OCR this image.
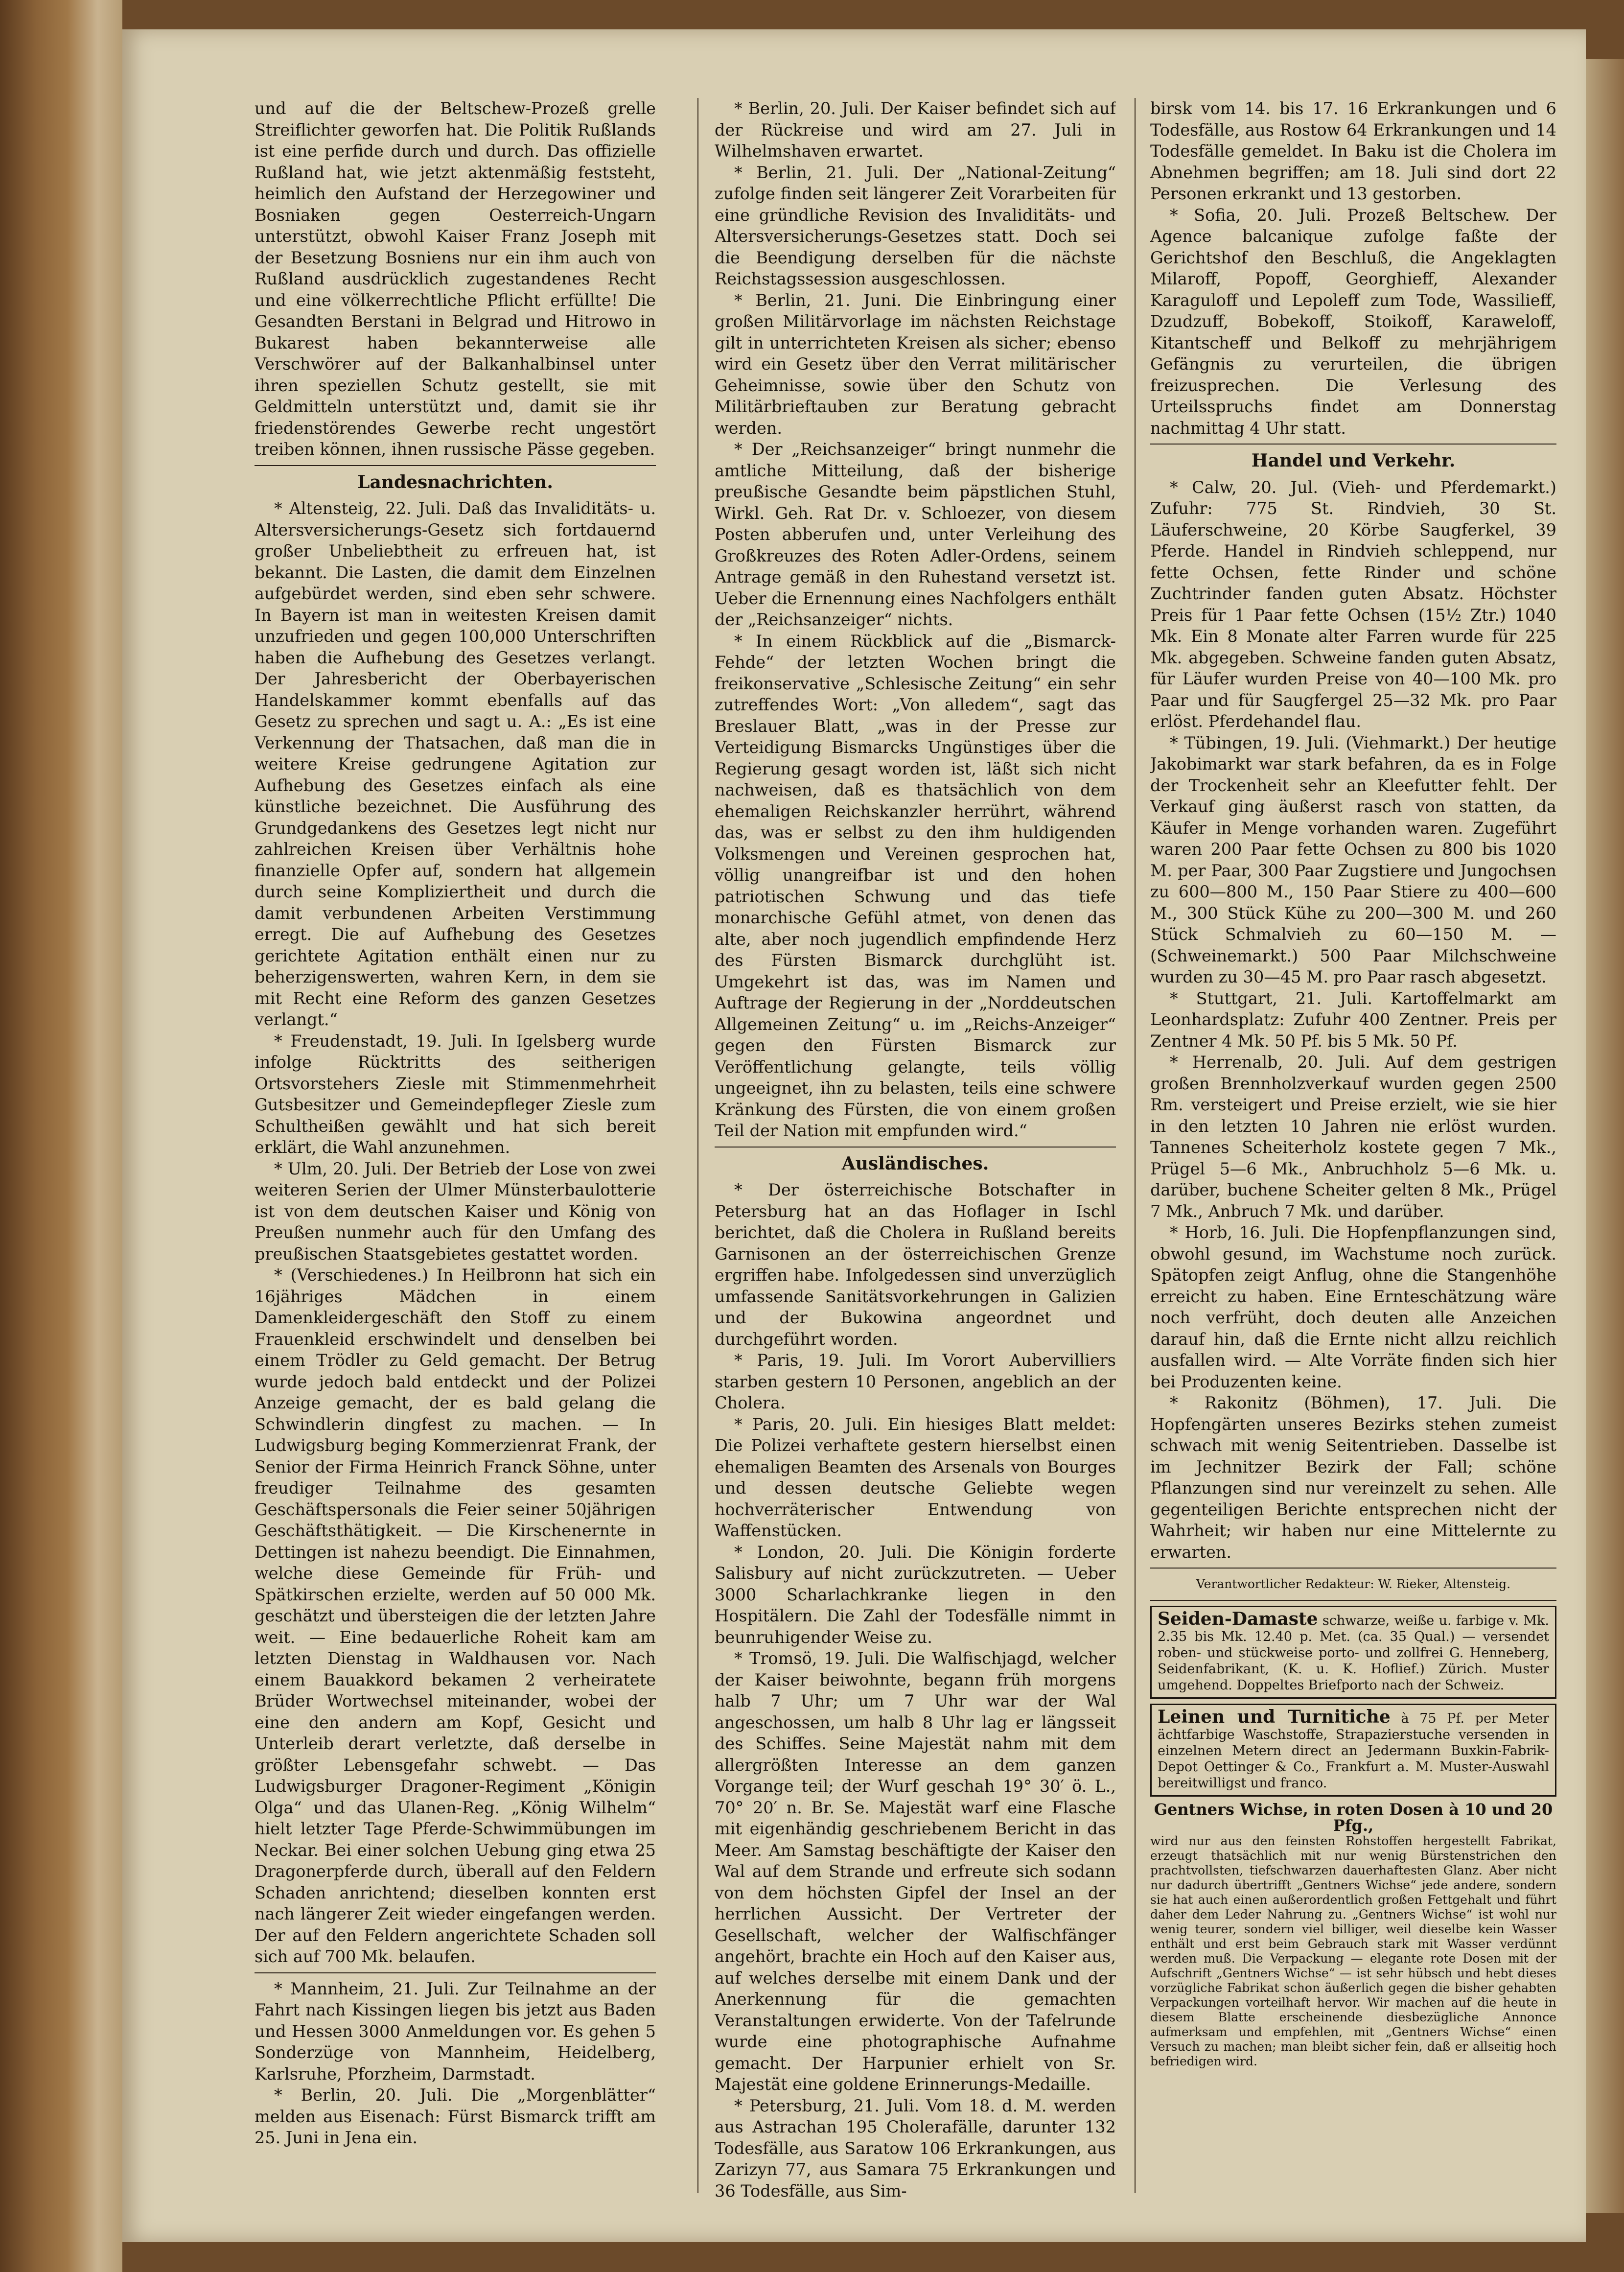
und auf die der Beltschew-Prozeß grelle Streiflichter geworfen hat. Die Politik Rußlands ist eine perfide durch und durch. Das offizielle Rußland hat, wie jetzt aktenmäßig feststeht, heimlich den Aufstand der Herzegowiner und Bosniaken gegen Oesterreich-Ungarn unterstützt, obwohl Kaiser Franz Joseph mit der Besetzung Bosniens nur ein ihm auch von Rußland ausdrücklich zugestandenes Recht und eine völkerrechtliche Pflicht erfüllte! Die Gesandten Berstani in Belgrad und Hitrowo in Bukarest haben bekannterweise alle Verschwörer auf der Balkanhalbinsel unter ihren speziellen Schutz gestellt, sie mit Geldmitteln unterstützt und, damit sie ihr friedenstörendes Gewerbe recht ungestört treiben können, ihnen russische Pässe gegeben.

Landesnachrichten.

* Altensteig, 22. Juli. Daß das Invaliditäts- u. Altersversicherungs-Gesetz sich fortdauernd großer Unbeliebtheit zu erfreuen hat, ist bekannt. Die Lasten, die damit dem Einzelnen aufgebürdet werden, sind eben sehr schwere. In Bayern ist man in weitesten Kreisen damit unzufrieden und gegen 100,000 Unterschriften haben die Aufhebung des Gesetzes verlangt. Der Jahresbericht der Oberbayerischen Handelskammer kommt ebenfalls auf das Gesetz zu sprechen und sagt u. A.: „Es ist eine Verkennung der Thatsachen, daß man die in weitere Kreise gedrungene Agitation zur Aufhebung des Gesetzes einfach als eine künstliche bezeichnet. Die Ausführung des Grundgedankens des Gesetzes legt nicht nur zahlreichen Kreisen über Verhältnis hohe finanzielle Opfer auf, sondern hat allgemein durch seine Kompliziertheit und durch die damit verbundenen Arbeiten Verstimmung erregt. Die auf Aufhebung des Gesetzes gerichtete Agitation enthält einen nur zu beherzigenswerten, wahren Kern, in dem sie mit Recht eine Reform des ganzen Gesetzes verlangt.“

* Freudenstadt, 19. Juli. In Igelsberg wurde infolge Rücktritts des seitherigen Ortsvorstehers Ziesle mit Stimmenmehrheit Gutsbesitzer und Gemeindepfleger Ziesle zum Schultheißen gewählt und hat sich bereit erklärt, die Wahl anzunehmen.

* Ulm, 20. Juli. Der Betrieb der Lose von zwei weiteren Serien der Ulmer Münsterbaulotterie ist von dem deutschen Kaiser und König von Preußen nunmehr auch für den Umfang des preußischen Staatsgebietes gestattet worden.

* (Verschiedenes.) In Heilbronn hat sich ein 16jähriges Mädchen in einem Damenkleidergeschäft den Stoff zu einem Frauenkleid erschwindelt und denselben bei einem Trödler zu Geld gemacht. Der Betrug wurde jedoch bald entdeckt und der Polizei Anzeige gemacht, der es bald gelang die Schwindlerin dingfest zu machen. — In Ludwigsburg beging Kommerzienrat Frank, der Senior der Firma Heinrich Franck Söhne, unter freudiger Teilnahme des gesamten Geschäftspersonals die Feier seiner 50jährigen Geschäftsthätigkeit. — Die Kirschenernte in Dettingen ist nahezu beendigt. Die Einnahmen, welche diese Gemeinde für Früh- und Spätkirschen erzielte, werden auf 50 000 Mk. geschätzt und übersteigen die der letzten Jahre weit. — Eine bedauerliche Roheit kam am letzten Dienstag in Waldhausen vor. Nach einem Bauakkord bekamen 2 verheiratete Brüder Wortwechsel miteinander, wobei der eine den andern am Kopf, Gesicht und Unterleib derart verletzte, daß derselbe in größter Lebensgefahr schwebt. — Das Ludwigsburger Dragoner-Regiment „Königin Olga“ und das Ulanen-Reg. „König Wilhelm“ hielt letzter Tage Pferde-Schwimmübungen im Neckar. Bei einer solchen Uebung ging etwa 25 Dragonerpferde durch, überall auf den Feldern Schaden anrichtend; dieselben konnten erst nach längerer Zeit wieder eingefangen werden. Der auf den Feldern angerichtete Schaden soll sich auf 700 Mk. belaufen.

* Mannheim, 21. Juli. Zur Teilnahme an der Fahrt nach Kissingen liegen bis jetzt aus Baden und Hessen 3000 Anmeldungen vor. Es gehen 5 Sonderzüge von Mannheim, Heidelberg, Karlsruhe, Pforzheim, Darmstadt.

* Berlin, 20. Juli. Die „Morgenblätter“ melden aus Eisenach: Fürst Bismarck trifft am 25. Juni in Jena ein.

* Berlin, 20. Juli. Der Kaiser befindet sich auf der Rückreise und wird am 27. Juli in Wilhelmshaven erwartet.

* Berlin, 21. Juli. Der „National-Zeitung“ zufolge finden seit längerer Zeit Vorarbeiten für eine gründliche Revision des Invaliditäts- und Altersversicherungs-Gesetzes statt. Doch sei die Beendigung derselben für die nächste Reichstagssession ausgeschlossen.

* Berlin, 21. Juni. Die Einbringung einer großen Militärvorlage im nächsten Reichstage gilt in unterrichteten Kreisen als sicher; ebenso wird ein Gesetz über den Verrat militärischer Geheimnisse, sowie über den Schutz von Militärbrieftauben zur Beratung gebracht werden.

* Der „Reichsanzeiger“ bringt nunmehr die amtliche Mitteilung, daß der bisherige preußische Gesandte beim päpstlichen Stuhl, Wirkl. Geh. Rat Dr. v. Schloezer, von diesem Posten abberufen und, unter Verleihung des Großkreuzes des Roten Adler-Ordens, seinem Antrage gemäß in den Ruhestand versetzt ist. Ueber die Ernennung eines Nachfolgers enthält der „Reichsanzeiger“ nichts.

* In einem Rückblick auf die „Bismarck-Fehde“ der letzten Wochen bringt die freikonservative „Schlesische Zeitung“ ein sehr zutreffendes Wort: „Von alledem“, sagt das Breslauer Blatt, „was in der Presse zur Verteidigung Bismarcks Ungünstiges über die Regierung gesagt worden ist, läßt sich nicht nachweisen, daß es thatsächlich von dem ehemaligen Reichskanzler herrührt, während das, was er selbst zu den ihm huldigenden Volksmengen und Vereinen gesprochen hat, völlig unangreifbar ist und den hohen patriotischen Schwung und das tiefe monarchische Gefühl atmet, von denen das alte, aber noch jugendlich empfindende Herz des Fürsten Bismarck durchglüht ist. Umgekehrt ist das, was im Namen und Auftrage der Regierung in der „Norddeutschen Allgemeinen Zeitung“ u. im „Reichs-Anzeiger“ gegen den Fürsten Bismarck zur Veröffentlichung gelangte, teils völlig ungeeignet, ihn zu belasten, teils eine schwere Kränkung des Fürsten, die von einem großen Teil der Nation mit empfunden wird.“

Ausländisches.

* Der österreichische Botschafter in Petersburg hat an das Hoflager in Ischl berichtet, daß die Cholera in Rußland bereits Garnisonen an der österreichischen Grenze ergriffen habe. Infolgedessen sind unverzüglich umfassende Sanitätsvorkehrungen in Galizien und der Bukowina angeordnet und durchgeführt worden.

* Paris, 19. Juli. Im Vorort Aubervilliers starben gestern 10 Personen, angeblich an der Cholera.

* Paris, 20. Juli. Ein hiesiges Blatt meldet: Die Polizei verhaftete gestern hierselbst einen ehemaligen Beamten des Arsenals von Bourges und dessen deutsche Geliebte wegen hochverräterischer Entwendung von Waffenstücken.

* London, 20. Juli. Die Königin forderte Salisbury auf nicht zurückzutreten. — Ueber 3000 Scharlachkranke liegen in den Hospitälern. Die Zahl der Todesfälle nimmt in beunruhigender Weise zu.

* Tromsö, 19. Juli. Die Walfischjagd, welcher der Kaiser beiwohnte, begann früh morgens halb 7 Uhr; um 7 Uhr war der Wal angeschossen, um halb 8 Uhr lag er längsseit des Schiffes. Seine Majestät nahm mit dem allergrößten Interesse an dem ganzen Vorgange teil; der Wurf geschah 19° 30′ ö. L., 70° 20′ n. Br. Se. Majestät warf eine Flasche mit eigenhändig geschriebenem Bericht in das Meer. Am Samstag beschäftigte der Kaiser den Wal auf dem Strande und erfreute sich sodann von dem höchsten Gipfel der Insel an der herrlichen Aussicht. Der Vertreter der Gesellschaft, welcher der Walfischfänger angehört, brachte ein Hoch auf den Kaiser aus, auf welches derselbe mit einem Dank und der Anerkennung für die gemachten Veranstaltungen erwiderte. Von der Tafelrunde wurde eine photographische Aufnahme gemacht. Der Harpunier erhielt von Sr. Majestät eine goldene Erinnerungs-Medaille.

* Petersburg, 21. Juli. Vom 18. d. M. werden aus Astrachan 195 Cholerafälle, darunter 132 Todesfälle, aus Saratow 106 Erkrankungen, aus Zarizyn 77, aus Samara 75 Erkrankungen und 36 Todesfälle, aus Sim-

birsk vom 14. bis 17. 16 Erkrankungen und 6 Todesfälle, aus Rostow 64 Erkrankungen und 14 Todesfälle gemeldet. In Baku ist die Cholera im Abnehmen begriffen; am 18. Juli sind dort 22 Personen erkrankt und 13 gestorben.

* Sofia, 20. Juli. Prozeß Beltschew. Der Agence balcanique zufolge faßte der Gerichtshof den Beschluß, die Angeklagten Milaroff, Popoff, Georghieff, Alexander Karaguloff und Lepoleff zum Tode, Wassilieff, Dzudzuff, Bobekoff, Stoikoff, Karaweloff, Kitantscheff und Belkoff zu mehrjährigem Gefängnis zu verurteilen, die übrigen freizusprechen. Die Verlesung des Urteilsspruchs findet am Donnerstag nachmittag 4 Uhr statt.

Handel und Verkehr.

* Calw, 20. Jul. (Vieh- und Pferdemarkt.) Zufuhr: 775 St. Rindvieh, 30 St. Läuferschweine, 20 Körbe Saugferkel, 39 Pferde. Handel in Rindvieh schleppend, nur fette Ochsen, fette Rinder und schöne Zuchtrinder fanden guten Absatz. Höchster Preis für 1 Paar fette Ochsen (15½ Ztr.) 1040 Mk. Ein 8 Monate alter Farren wurde für 225 Mk. abgegeben. Schweine fanden guten Absatz, für Läufer wurden Preise von 40—100 Mk. pro Paar und für Saugfergel 25—32 Mk. pro Paar erlöst. Pferdehandel flau.

* Tübingen, 19. Juli. (Viehmarkt.) Der heutige Jakobimarkt war stark befahren, da es in Folge der Trockenheit sehr an Kleefutter fehlt. Der Verkauf ging äußerst rasch von statten, da Käufer in Menge vorhanden waren. Zugeführt waren 200 Paar fette Ochsen zu 800 bis 1020 M. per Paar, 300 Paar Zugstiere und Jungochsen zu 600—800 M., 150 Paar Stiere zu 400—600 M., 300 Stück Kühe zu 200—300 M. und 260 Stück Schmalvieh zu 60—150 M. — (Schweinemarkt.) 500 Paar Milchschweine wurden zu 30—45 M. pro Paar rasch abgesetzt.

* Stuttgart, 21. Juli. Kartoffelmarkt am Leonhardsplatz: Zufuhr 400 Zentner. Preis per Zentner 4 Mk. 50 Pf. bis 5 Mk. 50 Pf.

* Herrenalb, 20. Juli. Auf dem gestrigen großen Brennholzverkauf wurden gegen 2500 Rm. versteigert und Preise erzielt, wie sie hier in den letzten 10 Jahren nie erlöst wurden. Tannenes Scheiterholz kostete gegen 7 Mk., Prügel 5—6 Mk., Anbruchholz 5—6 Mk. u. darüber, buchene Scheiter gelten 8 Mk., Prügel 7 Mk., Anbruch 7 Mk. und darüber.

* Horb, 16. Juli. Die Hopfenpflanzungen sind, obwohl gesund, im Wachstume noch zurück. Spätopfen zeigt Anflug, ohne die Stangenhöhe erreicht zu haben. Eine Ernteschätzung wäre noch verfrüht, doch deuten alle Anzeichen darauf hin, daß die Ernte nicht allzu reichlich ausfallen wird. — Alte Vorräte finden sich hier bei Produzenten keine.

* Rakonitz (Böhmen), 17. Juli. Die Hopfengärten unseres Bezirks stehen zumeist schwach mit wenig Seitentrieben. Dasselbe ist im Jechnitzer Bezirk der Fall; schöne Pflanzungen sind nur vereinzelt zu sehen. Alle gegenteiligen Berichte entsprechen nicht der Wahrheit; wir haben nur eine Mittelernte zu erwarten.

Verantwortlicher Redakteur: W. Rieker, Altensteig.
Seiden-Damaste schwarze, weiße u. farbige v. Mk. 2.35 bis Mk. 12.40 p. Met. (ca. 35 Qual.) — versendet roben- und stückweise porto- und zollfrei G. Henneberg, Seidenfabrikant, (K. u. K. Hoflief.) Zürich. Muster umgehend. Doppeltes Briefporto nach der Schweiz.
Leinen und Turnitiche à 75 Pf. per Meter ächtfarbige Waschstoffe, Strapazierstuche versenden in einzelnen Metern direct an Jedermann Buxkin-Fabrik-Depot Oettinger & Co., Frankfurt a. M. Muster-Auswahl bereitwilligst und franco.
Gentners Wichse, in roten Dosen à 10 und 20 Pfg.,
wird nur aus den feinsten Rohstoffen hergestellt Fabrikat, erzeugt thatsächlich mit nur wenig Bürstenstrichen den prachtvollsten, tiefschwarzen dauerhaftesten Glanz. Aber nicht nur dadurch übertrifft „Gentners Wichse“ jede andere, sondern sie hat auch einen außerordentlich großen Fettgehalt und führt daher dem Leder Nahrung zu. „Gentners Wichse“ ist wohl nur wenig teurer, sondern viel billiger, weil dieselbe kein Wasser enthält und erst beim Gebrauch stark mit Wasser verdünnt werden muß. Die Verpackung — elegante rote Dosen mit der Aufschrift „Gentners Wichse“ — ist sehr hübsch und hebt dieses vorzügliche Fabrikat schon äußerlich gegen die bisher gehabten Verpackungen vorteilhaft hervor. Wir machen auf die heute in diesem Blatte erscheinende diesbezügliche Annonce aufmerksam und empfehlen, mit „Gentners Wichse“ einen Versuch zu machen; man bleibt sicher fein, daß er allseitig hoch befriedigen wird.
